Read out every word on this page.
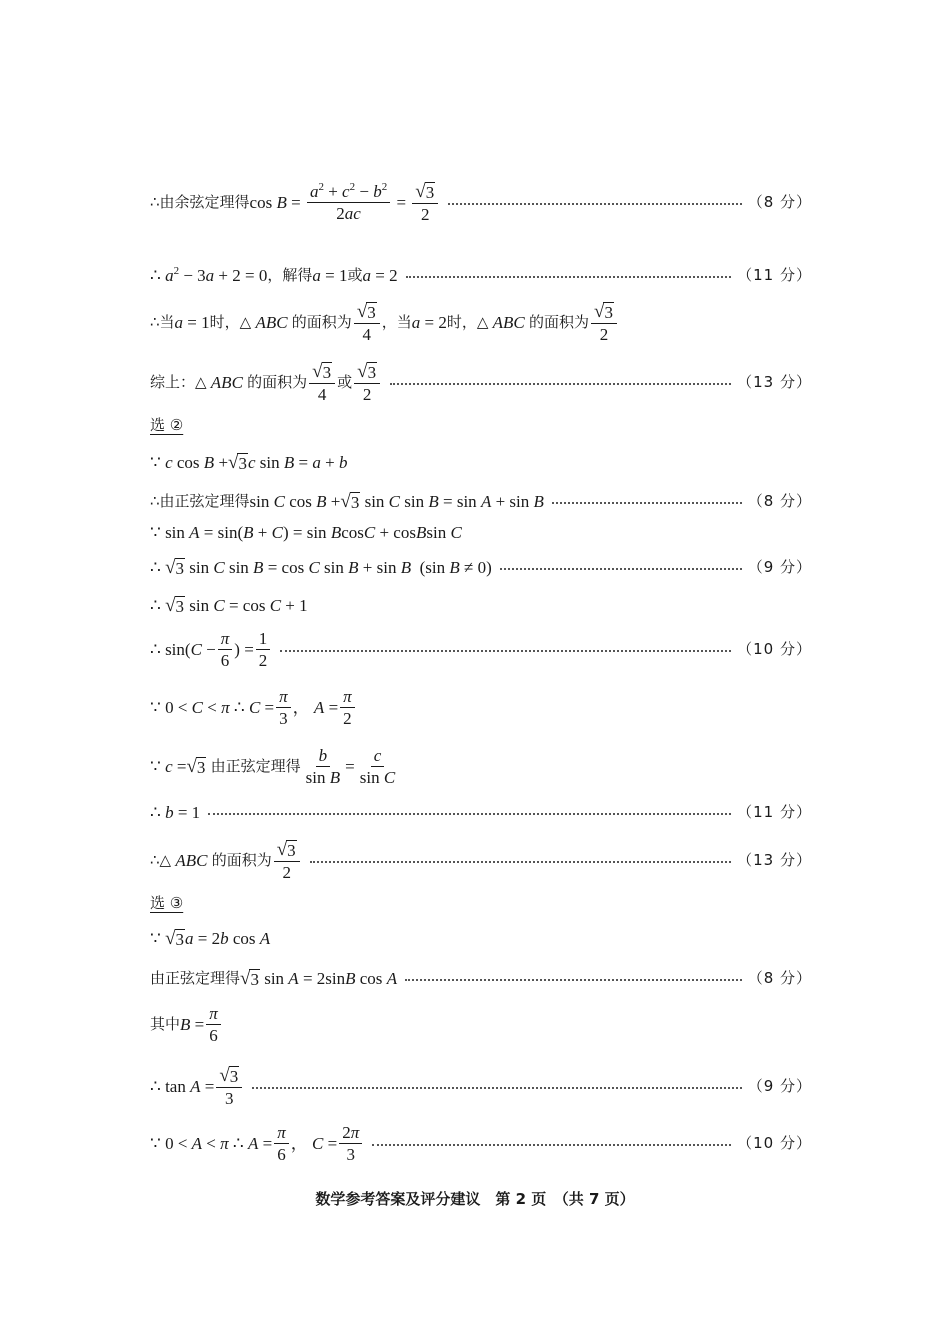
∴由余弦定理得 $\cos B = \frac{a^2 + c^2 - b^2}{2ac} = \frac{√ 3}{2}$	（8 分）
∴ $a^2 - 3a + 2 = 0$ ，解得 a = 1 或 a = 2	（11 分）
∴当 a = 1 时，△ ABC 的面积为 $\frac{√ 3}{4}$ ，当 a = 2 时，△ ABC 的面积为 $\frac{√ 3}{2}$
综上：△ ABC 的面积为 $\frac{√ 3}{4}$ 或 $\frac{√ 3}{2}$	（13 分）
选 ②
∵ c cos B + √ 3 c sin B = a + b
∴由正弦定理得 sin C cos B + √ 3 sin C sin B = sin A + sin B	（8 分）
∵ sin A = sin(B + C) = sin BcosC + cosBsin C
∴ √ 3 sin C sin B = cos C sin B + sin B  (sin B ≠ 0)	（9 分）
∴ √ 3 sin C = cos C + 1
∴ $\sin(C - \frac{\pi}{6}$ ) = $\frac{1}{2}$	（10 分）
∵ 0 < C < π ∴ $C = \frac{\pi}{3}$ ， $A = \frac{\pi}{2}$
∵ c = √ 3
由正弦定理得 $\frac{b}{\text{sin B}} = \frac{c}{\text{sin C}}$
∴ b = 1	（11 分）
∴△ ABC 的面积为 $\frac{√ 3}{2}$	（13 分）
选 ③
∵ √ 3 a = 2b cos A
由正弦定理得 √ 3 sin A = 2sinB cos A	（8 分）
其中 $B = \frac{\pi}{6}$
∴ $\tan A = \frac{√ 3}{3}$	（9 分）
∵ 0 < A < π ∴ $A = \frac{\pi}{6}$ ， $C = \frac{2\pi}{3}$	（10 分）
数学参考答案及评分建议　第 2 页　（共 7 页）
